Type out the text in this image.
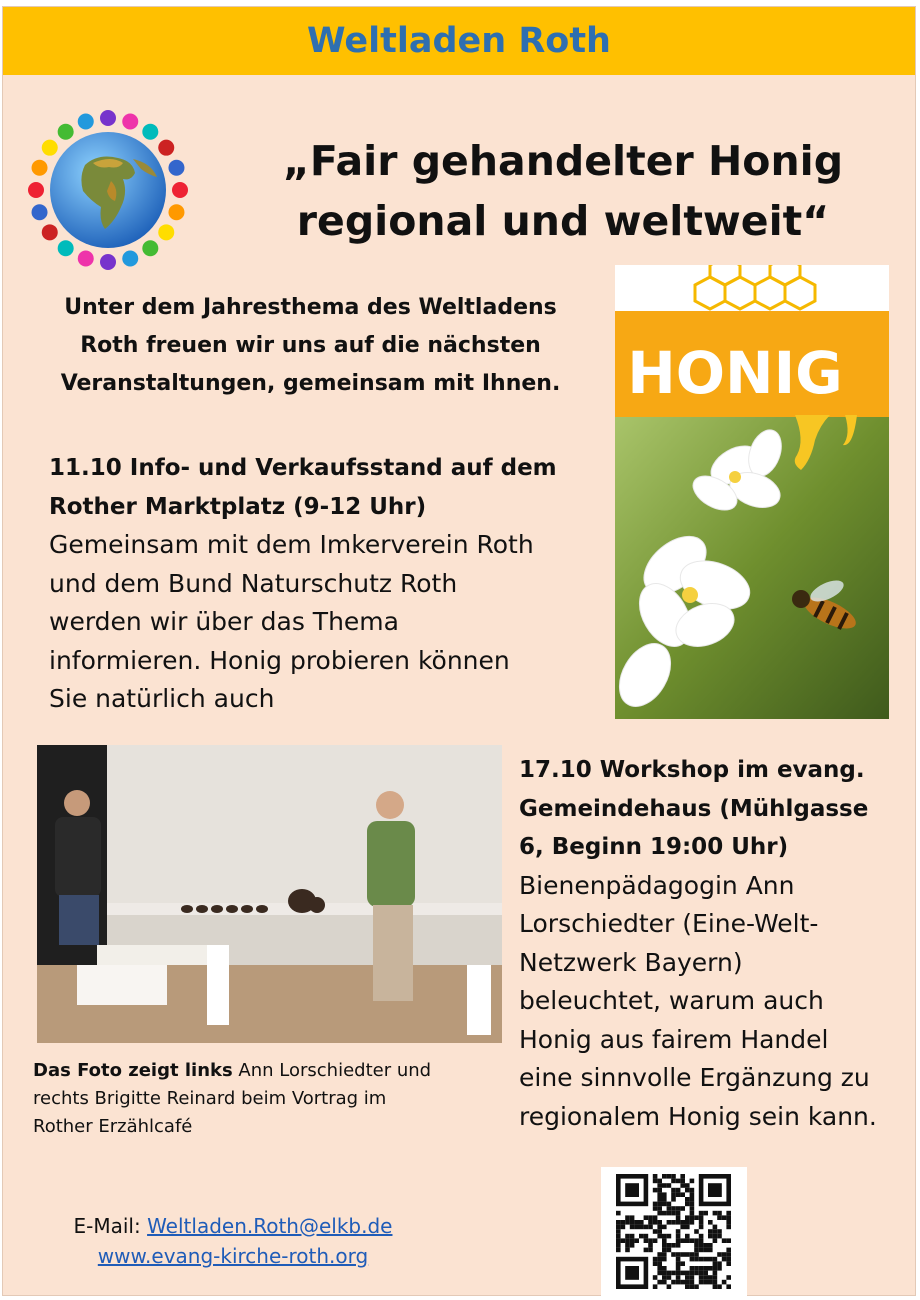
Weltladen Roth
„Fair gehandelter Honig
regional und weltweit“
Unter dem Jahresthema des Weltladens
Roth freuen wir uns auf die nächsten
Veranstaltungen, gemeinsam mit Ihnen.
11.10 Info- und Verkaufsstand auf dem
Rother Marktplatz (9-12 Uhr)
Gemeinsam mit dem Imkerverein Roth
und dem Bund Naturschutz Roth
werden wir über das Thema
informieren. Honig probieren können
Sie natürlich auch
HONIG
17.10 Workshop im evang.
Gemeindehaus (Mühlgasse
6, Beginn 19:00 Uhr)
Bienenpädagogin Ann
Lorschiedter (Eine-Welt-
Netzwerk Bayern)
beleuchtet, warum auch
Honig aus fairem Handel
eine sinnvolle Ergänzung zu
regionalem Honig sein kann.
Das Foto zeigt links Ann Lorschiedter und
rechts Brigitte Reinard beim Vortrag im
Rother Erzählcafé
E-Mail: Weltladen.Roth@elkb.de
www.evang-kirche-roth.org
